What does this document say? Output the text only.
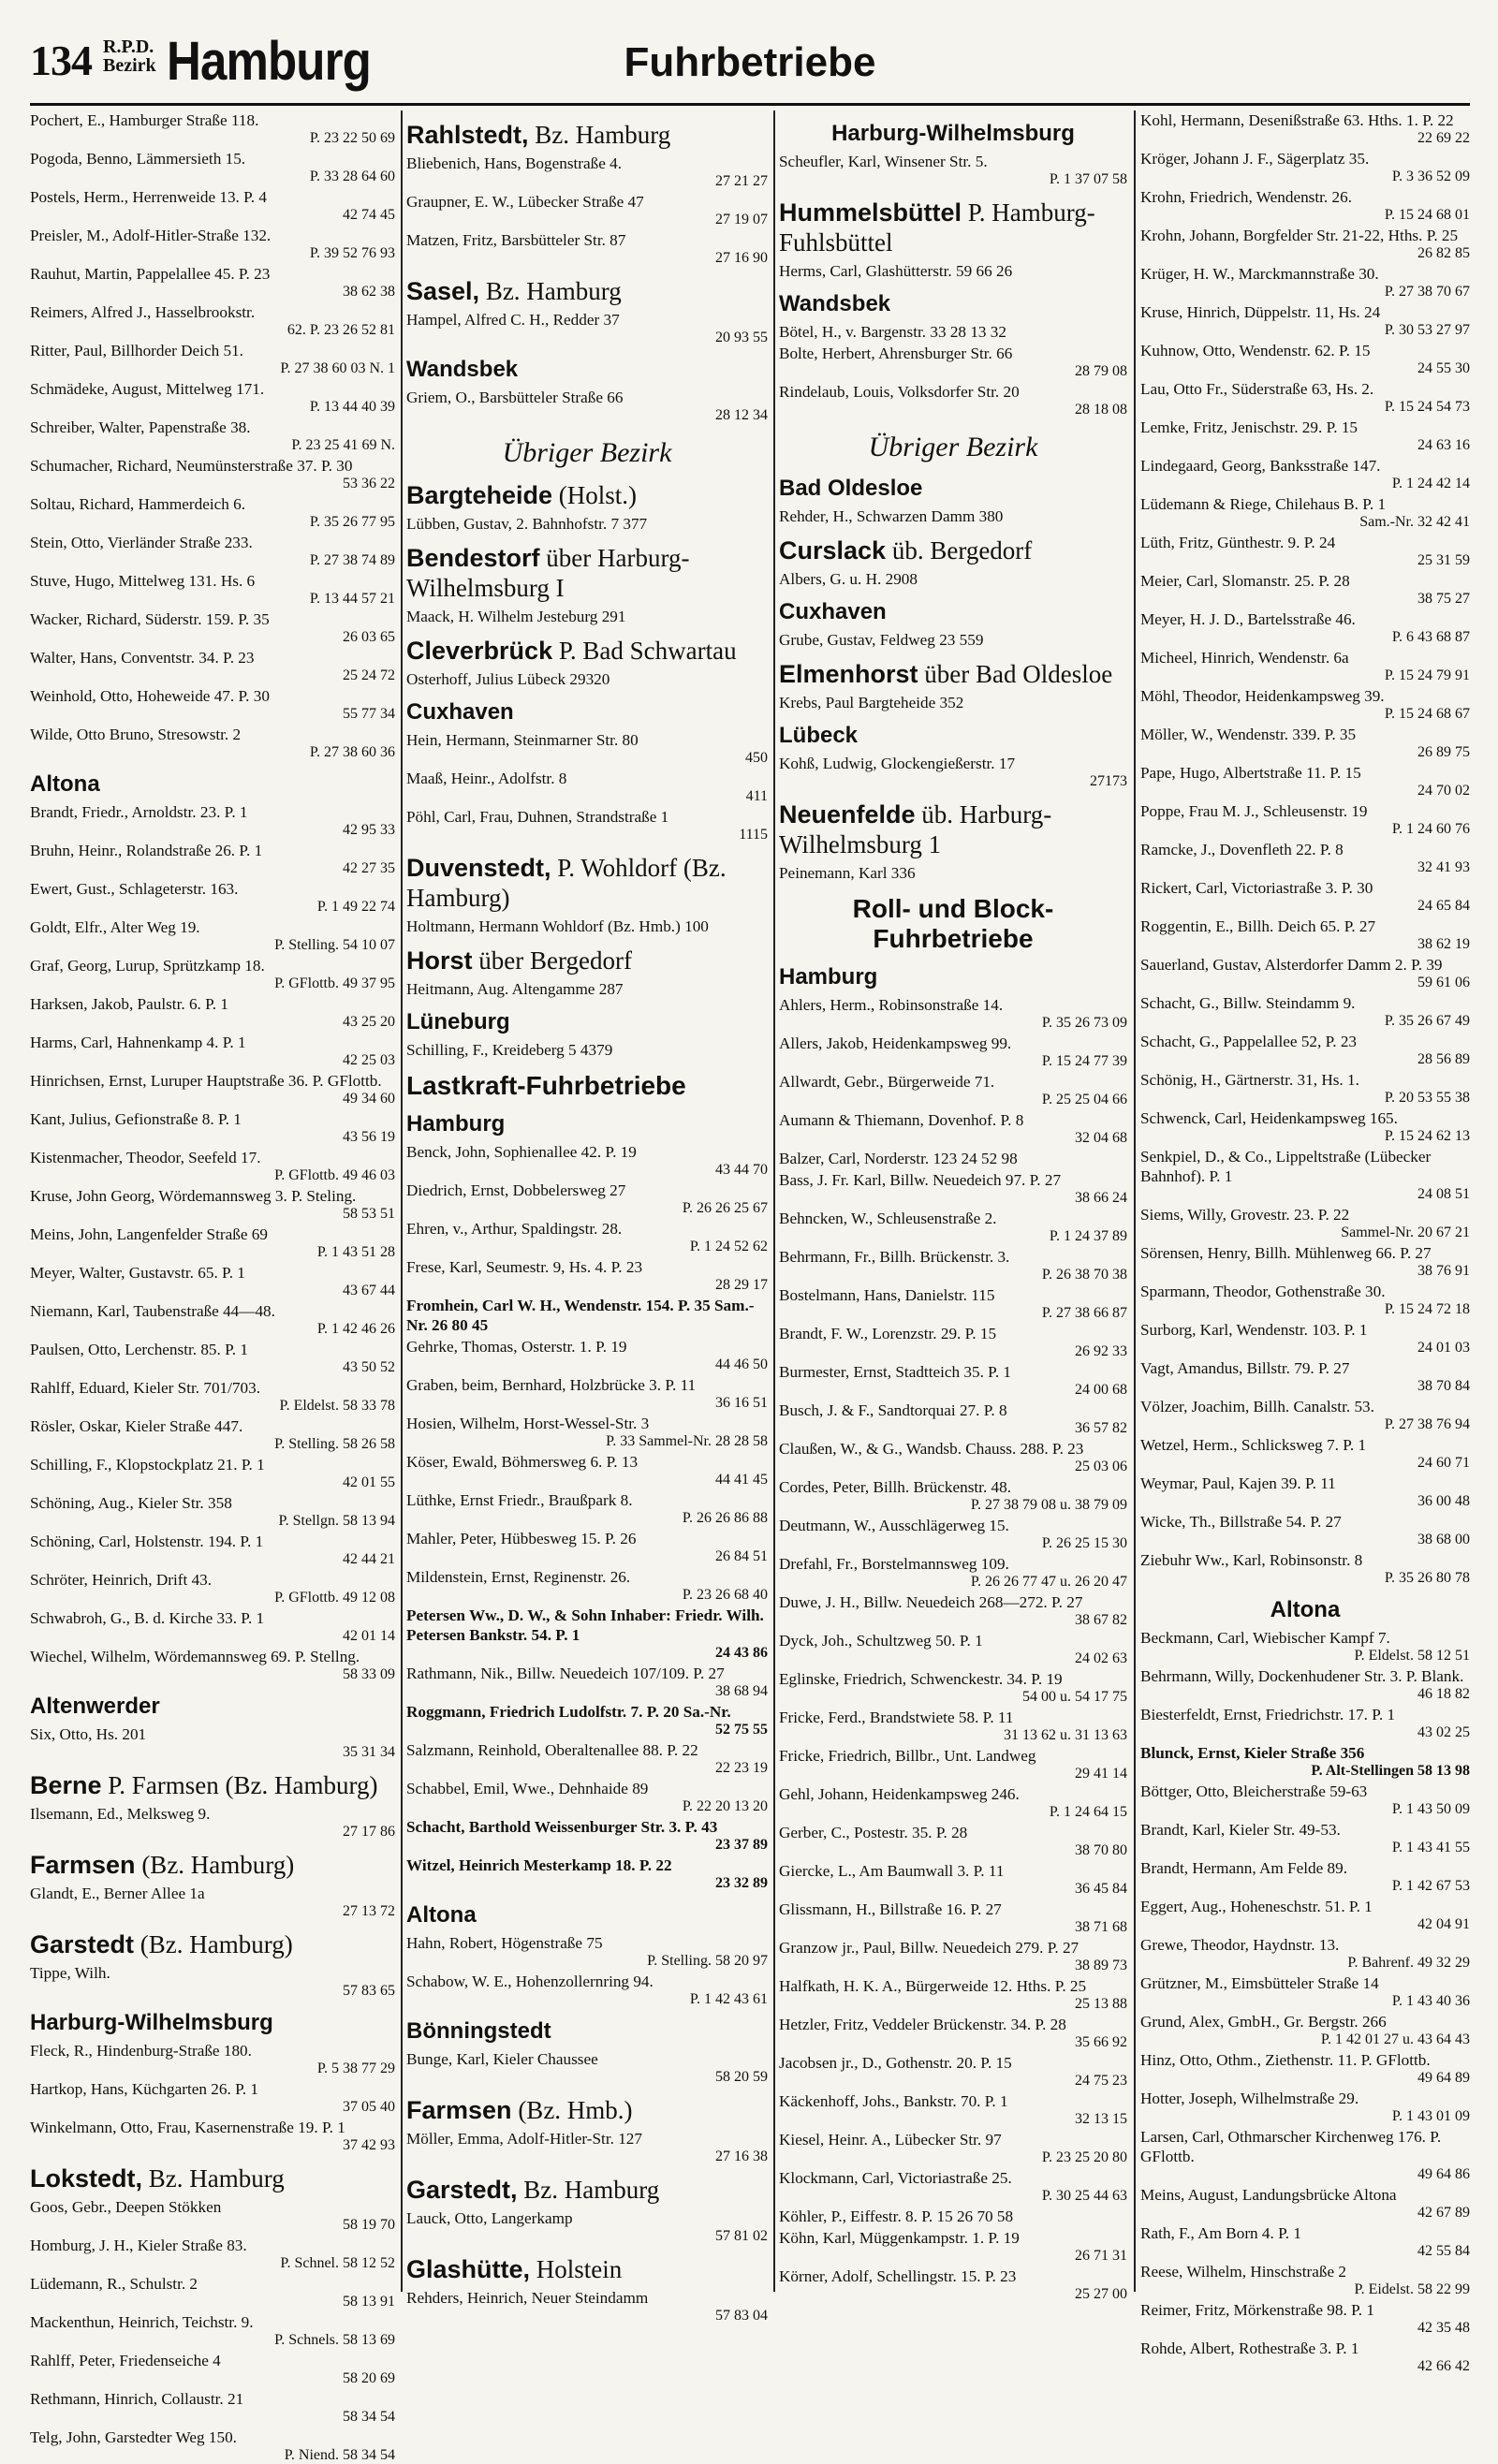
134 R.P.D.
Bezirk Hamburg	Fuhrbetriebe
Pochert, E., Hamburger Straße 118.
P. 23 22 50 69
Pogoda, Benno, Lämmersieth 15.
P. 33 28 64 60
Postels, Herm., Herrenweide 13. P. 4
42 74 45
Preisler, M., Adolf-Hitler-Straße 132.
P. 39 52 76 93
Rauhut, Martin, Pappelallee 45. P. 23
38 62 38
Reimers, Alfred J., Hasselbrookstr.
62. P. 23 26 52 81
Ritter, Paul, Billhorder Deich 51.
P. 27 38 60 03 N. 1
Schmädeke, August, Mittelweg 171.
P. 13 44 40 39
Schreiber, Walter, Papenstraße 38.
P. 23 25 41 69 N.
Schumacher, Richard, Neumünsterstraße 37. P. 30
53 36 22
Soltau, Richard, Hammerdeich 6.
P. 35 26 77 95
Stein, Otto, Vierländer Straße 233.
P. 27 38 74 89
Stuve, Hugo, Mittelweg 131. Hs. 6
P. 13 44 57 21
Wacker, Richard, Süderstr. 159. P. 35
26 03 65
Walter, Hans, Conventstr. 34. P. 23
25 24 72
Weinhold, Otto, Hoheweide 47. P. 30
55 77 34
Wilde, Otto Bruno, Stresowstr. 2
P. 27 38 60 36
Altona
Brandt, Friedr., Arnoldstr. 23. P. 1
42 95 33
Bruhn, Heinr., Rolandstraße 26. P. 1
42 27 35
Ewert, Gust., Schlageterstr. 163.
P. 1 49 22 74
Goldt, Elfr., Alter Weg 19.
P. Stelling. 54 10 07
Graf, Georg, Lurup, Sprützkamp 18.
P. GFlottb. 49 37 95
Harksen, Jakob, Paulstr. 6. P. 1
43 25 20
Harms, Carl, Hahnenkamp 4. P. 1
42 25 03
Hinrichsen, Ernst, Luruper Hauptstraße 36. P. GFlottb.
49 34 60
Kant, Julius, Gefionstraße 8. P. 1
43 56 19
Kistenmacher, Theodor, Seefeld 17.
P. GFlottb. 49 46 03
Kruse, John Georg, Wördemannsweg 3. P. Steling.
58 53 51
Meins, John, Langenfelder Straße 69
P. 1 43 51 28
Meyer, Walter, Gustavstr. 65. P. 1
43 67 44
Niemann, Karl, Taubenstraße 44—48.
P. 1 42 46 26
Paulsen, Otto, Lerchenstr. 85. P. 1
43 50 52
Rahlff, Eduard, Kieler Str. 701/703.
P. Eldelst. 58 33 78
Rösler, Oskar, Kieler Straße 447.
P. Stelling. 58 26 58
Schilling, F., Klopstockplatz 21. P. 1
42 01 55
Schöning, Aug., Kieler Str. 358
P. Stellgn. 58 13 94
Schöning, Carl, Holstenstr. 194. P. 1
42 44 21
Schröter, Heinrich, Drift 43.
P. GFlottb. 49 12 08
Schwabroh, G., B. d. Kirche 33. P. 1
42 01 14
Wiechel, Wilhelm, Wördemannsweg 69. P. Stellng.
58 33 09
Altenwerder
Six, Otto, Hs. 201
35 31 34
Berne P. Farmsen (Bz. Hamburg)
Ilsemann, Ed., Melksweg 9.
27 17 86
Farmsen (Bz. Hamburg)
Glandt, E., Berner Allee 1a
27 13 72
Garstedt (Bz. Hamburg)
Tippe, Wilh.
57 83 65
Harburg-Wilhelmsburg
Fleck, R., Hindenburg-Straße 180.
P. 5 38 77 29
Hartkop, Hans, Küchgarten 26. P. 1
37 05 40
Winkelmann, Otto, Frau, Kasernenstraße 19. P. 1
37 42 93
Lokstedt, Bz. Hamburg
Goos, Gebr., Deepen Stökken
58 19 70
Homburg, J. H., Kieler Straße 83.
P. Schnel. 58 12 52
Lüdemann, R., Schulstr. 2
58 13 91
Mackenthun, Heinrich, Teichstr. 9.
P. Schnels. 58 13 69
Rahlff, Peter, Friedenseiche 4
58 20 69
Rethmann, Hinrich, Collaustr. 21
58 34 54
Telg, John, Garstedter Weg 150.
P. Niend. 58 34 54
Rahlstedt, Bz. Hamburg
Bliebenich, Hans, Bogenstraße 4.
27 21 27
Graupner, E. W., Lübecker Straße 47
27 19 07
Matzen, Fritz, Barsbütteler Str. 87
27 16 90
Sasel, Bz. Hamburg
Hampel, Alfred C. H., Redder 37
20 93 55
Wandsbek
Griem, O., Barsbütteler Straße 66
28 12 34
Übriger Bezirk
Bargteheide (Holst.)
Lübben, Gustav, 2. Bahnhofstr. 7 377
Bendestorf über Harburg-Wilhelmsburg I
Maack, H. Wilhelm Jesteburg 291
Cleverbrück P. Bad Schwartau
Osterhoff, Julius Lübeck 29320
Cuxhaven
Hein, Hermann, Steinmarner Str. 80
450
Maaß, Heinr., Adolfstr. 8
411
Pöhl, Carl, Frau, Duhnen, Strandstraße 1
1115
Duvenstedt, P. Wohldorf (Bz. Hamburg)
Holtmann, Hermann Wohldorf (Bz. Hmb.) 100
Horst über Bergedorf
Heitmann, Aug. Altengamme 287
Lüneburg
Schilling, F., Kreideberg 5 4379
Lastkraft-Fuhrbetriebe
Hamburg
Benck, John, Sophienallee 42. P. 19
43 44 70
Diedrich, Ernst, Dobbelersweg 27
P. 26 26 25 67
Ehren, v., Arthur, Spaldingstr. 28.
P. 1 24 52 62
Frese, Karl, Seumestr. 9, Hs. 4. P. 23
28 29 17
Fromhein, Carl W. H., Wendenstr. 154. P. 35 Sam.-Nr. 26 80 45
Gehrke, Thomas, Osterstr. 1. P. 19
44 46 50
Graben, beim, Bernhard, Holzbrücke 3. P. 11
36 16 51
Hosien, Wilhelm, Horst-Wessel-Str. 3
P. 33 Sammel-Nr. 28 28 58
Köser, Ewald, Böhmersweg 6. P. 13
44 41 45
Lüthke, Ernst Friedr., Braußpark 8.
P. 26 26 86 88
Mahler, Peter, Hübbesweg 15. P. 26
26 84 51
Mildenstein, Ernst, Reginenstr. 26.
P. 23 26 68 40
Petersen Ww., D. W., & Sohn Inhaber: Friedr. Wilh. Petersen Bankstr. 54. P. 1
24 43 86
Rathmann, Nik., Billw. Neuedeich 107/109. P. 27
38 68 94
Roggmann, Friedrich Ludolfstr. 7. P. 20 Sa.-Nr.
52 75 55
Salzmann, Reinhold, Oberaltenallee 88. P. 22
22 23 19
Schabbel, Emil, Wwe., Dehnhaide 89
P. 22 20 13 20
Schacht, Barthold Weissenburger Str. 3. P. 43
23 37 89
Witzel, Heinrich Mesterkamp 18. P. 22
23 32 89
Altona
Hahn, Robert, Högenstraße 75
P. Stelling. 58 20 97
Schabow, W. E., Hohenzollernring 94.
P. 1 42 43 61
Bönningstedt
Bunge, Karl, Kieler Chaussee
58 20 59
Farmsen (Bz. Hmb.)
Möller, Emma, Adolf-Hitler-Str. 127
27 16 38
Garstedt, Bz. Hamburg
Lauck, Otto, Langerkamp
57 81 02
Glashütte, Holstein
Rehders, Heinrich, Neuer Steindamm
57 83 04
Harburg-Wilhelmsburg
Scheufler, Karl, Winsener Str. 5.
P. 1 37 07 58
Hummelsbüttel P. Hamburg-Fuhlsbüttel
Herms, Carl, Glashütterstr. 59 66 26
Wandsbek
Bötel, H., v. Bargenstr. 33 28 13 32
Bolte, Herbert, Ahrensburger Str. 66
28 79 08
Rindelaub, Louis, Volksdorfer Str. 20
28 18 08
Übriger Bezirk
Bad Oldesloe
Rehder, H., Schwarzen Damm 380
Curslack üb. Bergedorf
Albers, G. u. H. 2908
Cuxhaven
Grube, Gustav, Feldweg 23 559
Elmenhorst über Bad Oldesloe
Krebs, Paul Bargteheide 352
Lübeck
Kohß, Ludwig, Glockengießerstr. 17
27173
Neuenfelde üb. Harburg-Wilhelmsburg 1
Peinemann, Karl 336
Roll- und Block-Fuhrbetriebe
Hamburg
Ahlers, Herm., Robinsonstraße 14.
P. 35 26 73 09
Allers, Jakob, Heidenkampsweg 99.
P. 15 24 77 39
Allwardt, Gebr., Bürgerweide 71.
P. 25 25 04 66
Aumann & Thiemann, Dovenhof. P. 8
32 04 68
Balzer, Carl, Norderstr. 123 24 52 98
Bass, J. Fr. Karl, Billw. Neuedeich 97. P. 27
38 66 24
Behncken, W., Schleusenstraße 2.
P. 1 24 37 89
Behrmann, Fr., Billh. Brückenstr. 3.
P. 26 38 70 38
Bostelmann, Hans, Danielstr. 115
P. 27 38 66 87
Brandt, F. W., Lorenzstr. 29. P. 15
26 92 33
Burmester, Ernst, Stadtteich 35. P. 1
24 00 68
Busch, J. & F., Sandtorquai 27. P. 8
36 57 82
Claußen, W., & G., Wandsb. Chauss. 288. P. 23
25 03 06
Cordes, Peter, Billh. Brückenstr. 48.
P. 27 38 79 08 u. 38 79 09
Deutmann, W., Ausschlägerweg 15.
P. 26 25 15 30
Drefahl, Fr., Borstelmannsweg 109.
P. 26 26 77 47 u. 26 20 47
Duwe, J. H., Billw. Neuedeich 268—272. P. 27
38 67 82
Dyck, Joh., Schultzweg 50. P. 1
24 02 63
Eglinske, Friedrich, Schwenckestr. 34. P. 19
54 00 u. 54 17 75
Fricke, Ferd., Brandstwiete 58. P. 11
31 13 62 u. 31 13 63
Fricke, Friedrich, Billbr., Unt. Landweg
29 41 14
Gehl, Johann, Heidenkampsweg 246.
P. 1 24 64 15
Gerber, C., Postestr. 35. P. 28
38 70 80
Giercke, L., Am Baumwall 3. P. 11
36 45 84
Glissmann, H., Billstraße 16. P. 27
38 71 68
Granzow jr., Paul, Billw. Neuedeich 279. P. 27
38 89 73
Halfkath, H. K. A., Bürgerweide 12. Hths. P. 25
25 13 88
Hetzler, Fritz, Veddeler Brückenstr. 34. P. 28
35 66 92
Jacobsen jr., D., Gothenstr. 20. P. 15
24 75 23
Käckenhoff, Johs., Bankstr. 70. P. 1
32 13 15
Kiesel, Heinr. A., Lübecker Str. 97
P. 23 25 20 80
Klockmann, Carl, Victoriastraße 25.
P. 30 25 44 63
Köhler, P., Eiffestr. 8. P. 15 26 70 58
Köhn, Karl, Müggenkampstr. 1. P. 19
26 71 31
Körner, Adolf, Schellingstr. 15. P. 23
25 27 00
Kohl, Hermann, Desenißstraße 63. Hths. 1. P. 22
22 69 22
Kröger, Johann J. F., Sägerplatz 35.
P. 3 36 52 09
Krohn, Friedrich, Wendenstr. 26.
P. 15 24 68 01
Krohn, Johann, Borgfelder Str. 21-22, Hths. P. 25
26 82 85
Krüger, H. W., Marckmannstraße 30.
P. 27 38 70 67
Kruse, Hinrich, Düppelstr. 11, Hs. 24
P. 30 53 27 97
Kuhnow, Otto, Wendenstr. 62. P. 15
24 55 30
Lau, Otto Fr., Süderstraße 63, Hs. 2.
P. 15 24 54 73
Lemke, Fritz, Jenischstr. 29. P. 15
24 63 16
Lindegaard, Georg, Banksstraße 147.
P. 1 24 42 14
Lüdemann & Riege, Chilehaus B. P. 1
Sam.-Nr. 32 42 41
Lüth, Fritz, Günthestr. 9. P. 24
25 31 59
Meier, Carl, Slomanstr. 25. P. 28
38 75 27
Meyer, H. J. D., Bartelsstraße 46.
P. 6 43 68 87
Micheel, Hinrich, Wendenstr. 6a
P. 15 24 79 91
Möhl, Theodor, Heidenkampsweg 39.
P. 15 24 68 67
Möller, W., Wendenstr. 339. P. 35
26 89 75
Pape, Hugo, Albertstraße 11. P. 15
24 70 02
Poppe, Frau M. J., Schleusenstr. 19
P. 1 24 60 76
Ramcke, J., Dovenfleth 22. P. 8
32 41 93
Rickert, Carl, Victoriastraße 3. P. 30
24 65 84
Roggentin, E., Billh. Deich 65. P. 27
38 62 19
Sauerland, Gustav, Alsterdorfer Damm 2. P. 39
59 61 06
Schacht, G., Billw. Steindamm 9.
P. 35 26 67 49
Schacht, G., Pappelallee 52, P. 23
28 56 89
Schönig, H., Gärtnerstr. 31, Hs. 1.
P. 20 53 55 38
Schwenck, Carl, Heidenkampsweg 165.
P. 15 24 62 13
Senkpiel, D., & Co., Lippeltstraße (Lübecker Bahnhof). P. 1
24 08 51
Siems, Willy, Grovestr. 23. P. 22
Sammel-Nr. 20 67 21
Sörensen, Henry, Billh. Mühlenweg 66. P. 27
38 76 91
Sparmann, Theodor, Gothenstraße 30.
P. 15 24 72 18
Surborg, Karl, Wendenstr. 103. P. 1
24 01 03
Vagt, Amandus, Billstr. 79. P. 27
38 70 84
Völzer, Joachim, Billh. Canalstr. 53.
P. 27 38 76 94
Wetzel, Herm., Schlicksweg 7. P. 1
24 60 71
Weymar, Paul, Kajen 39. P. 11
36 00 48
Wicke, Th., Billstraße 54. P. 27
38 68 00
Ziebuhr Ww., Karl, Robinsonstr. 8
P. 35 26 80 78
Altona
Beckmann, Carl, Wiebischer Kampf 7.
P. Eldelst. 58 12 51
Behrmann, Willy, Dockenhudener Str. 3. P. Blank.
46 18 82
Biesterfeldt, Ernst, Friedrichstr. 17. P. 1
43 02 25
Blunck, Ernst, Kieler Straße 356
P. Alt-Stellingen 58 13 98
Böttger, Otto, Bleicherstraße 59-63
P. 1 43 50 09
Brandt, Karl, Kieler Str. 49-53.
P. 1 43 41 55
Brandt, Hermann, Am Felde 89.
P. 1 42 67 53
Eggert, Aug., Hoheneschstr. 51. P. 1
42 04 91
Grewe, Theodor, Haydnstr. 13.
P. Bahrenf. 49 32 29
Grützner, M., Eimsbütteler Straße 14
P. 1 43 40 36
Grund, Alex, GmbH., Gr. Bergstr. 266
P. 1 42 01 27 u. 43 64 43
Hinz, Otto, Othm., Ziethenstr. 11. P. GFlottb.
49 64 89
Hotter, Joseph, Wilhelmstraße 29.
P. 1 43 01 09
Larsen, Carl, Othmarscher Kirchenweg 176. P. GFlottb.
49 64 86
Meins, August, Landungsbrücke Altona
42 67 89
Rath, F., Am Born 4. P. 1
42 55 84
Reese, Wilhelm, Hinschstraße 2
P. Eidelst. 58 22 99
Reimer, Fritz, Mörkenstraße 98. P. 1
42 35 48
Rohde, Albert, Rothestraße 3. P. 1
42 66 42
